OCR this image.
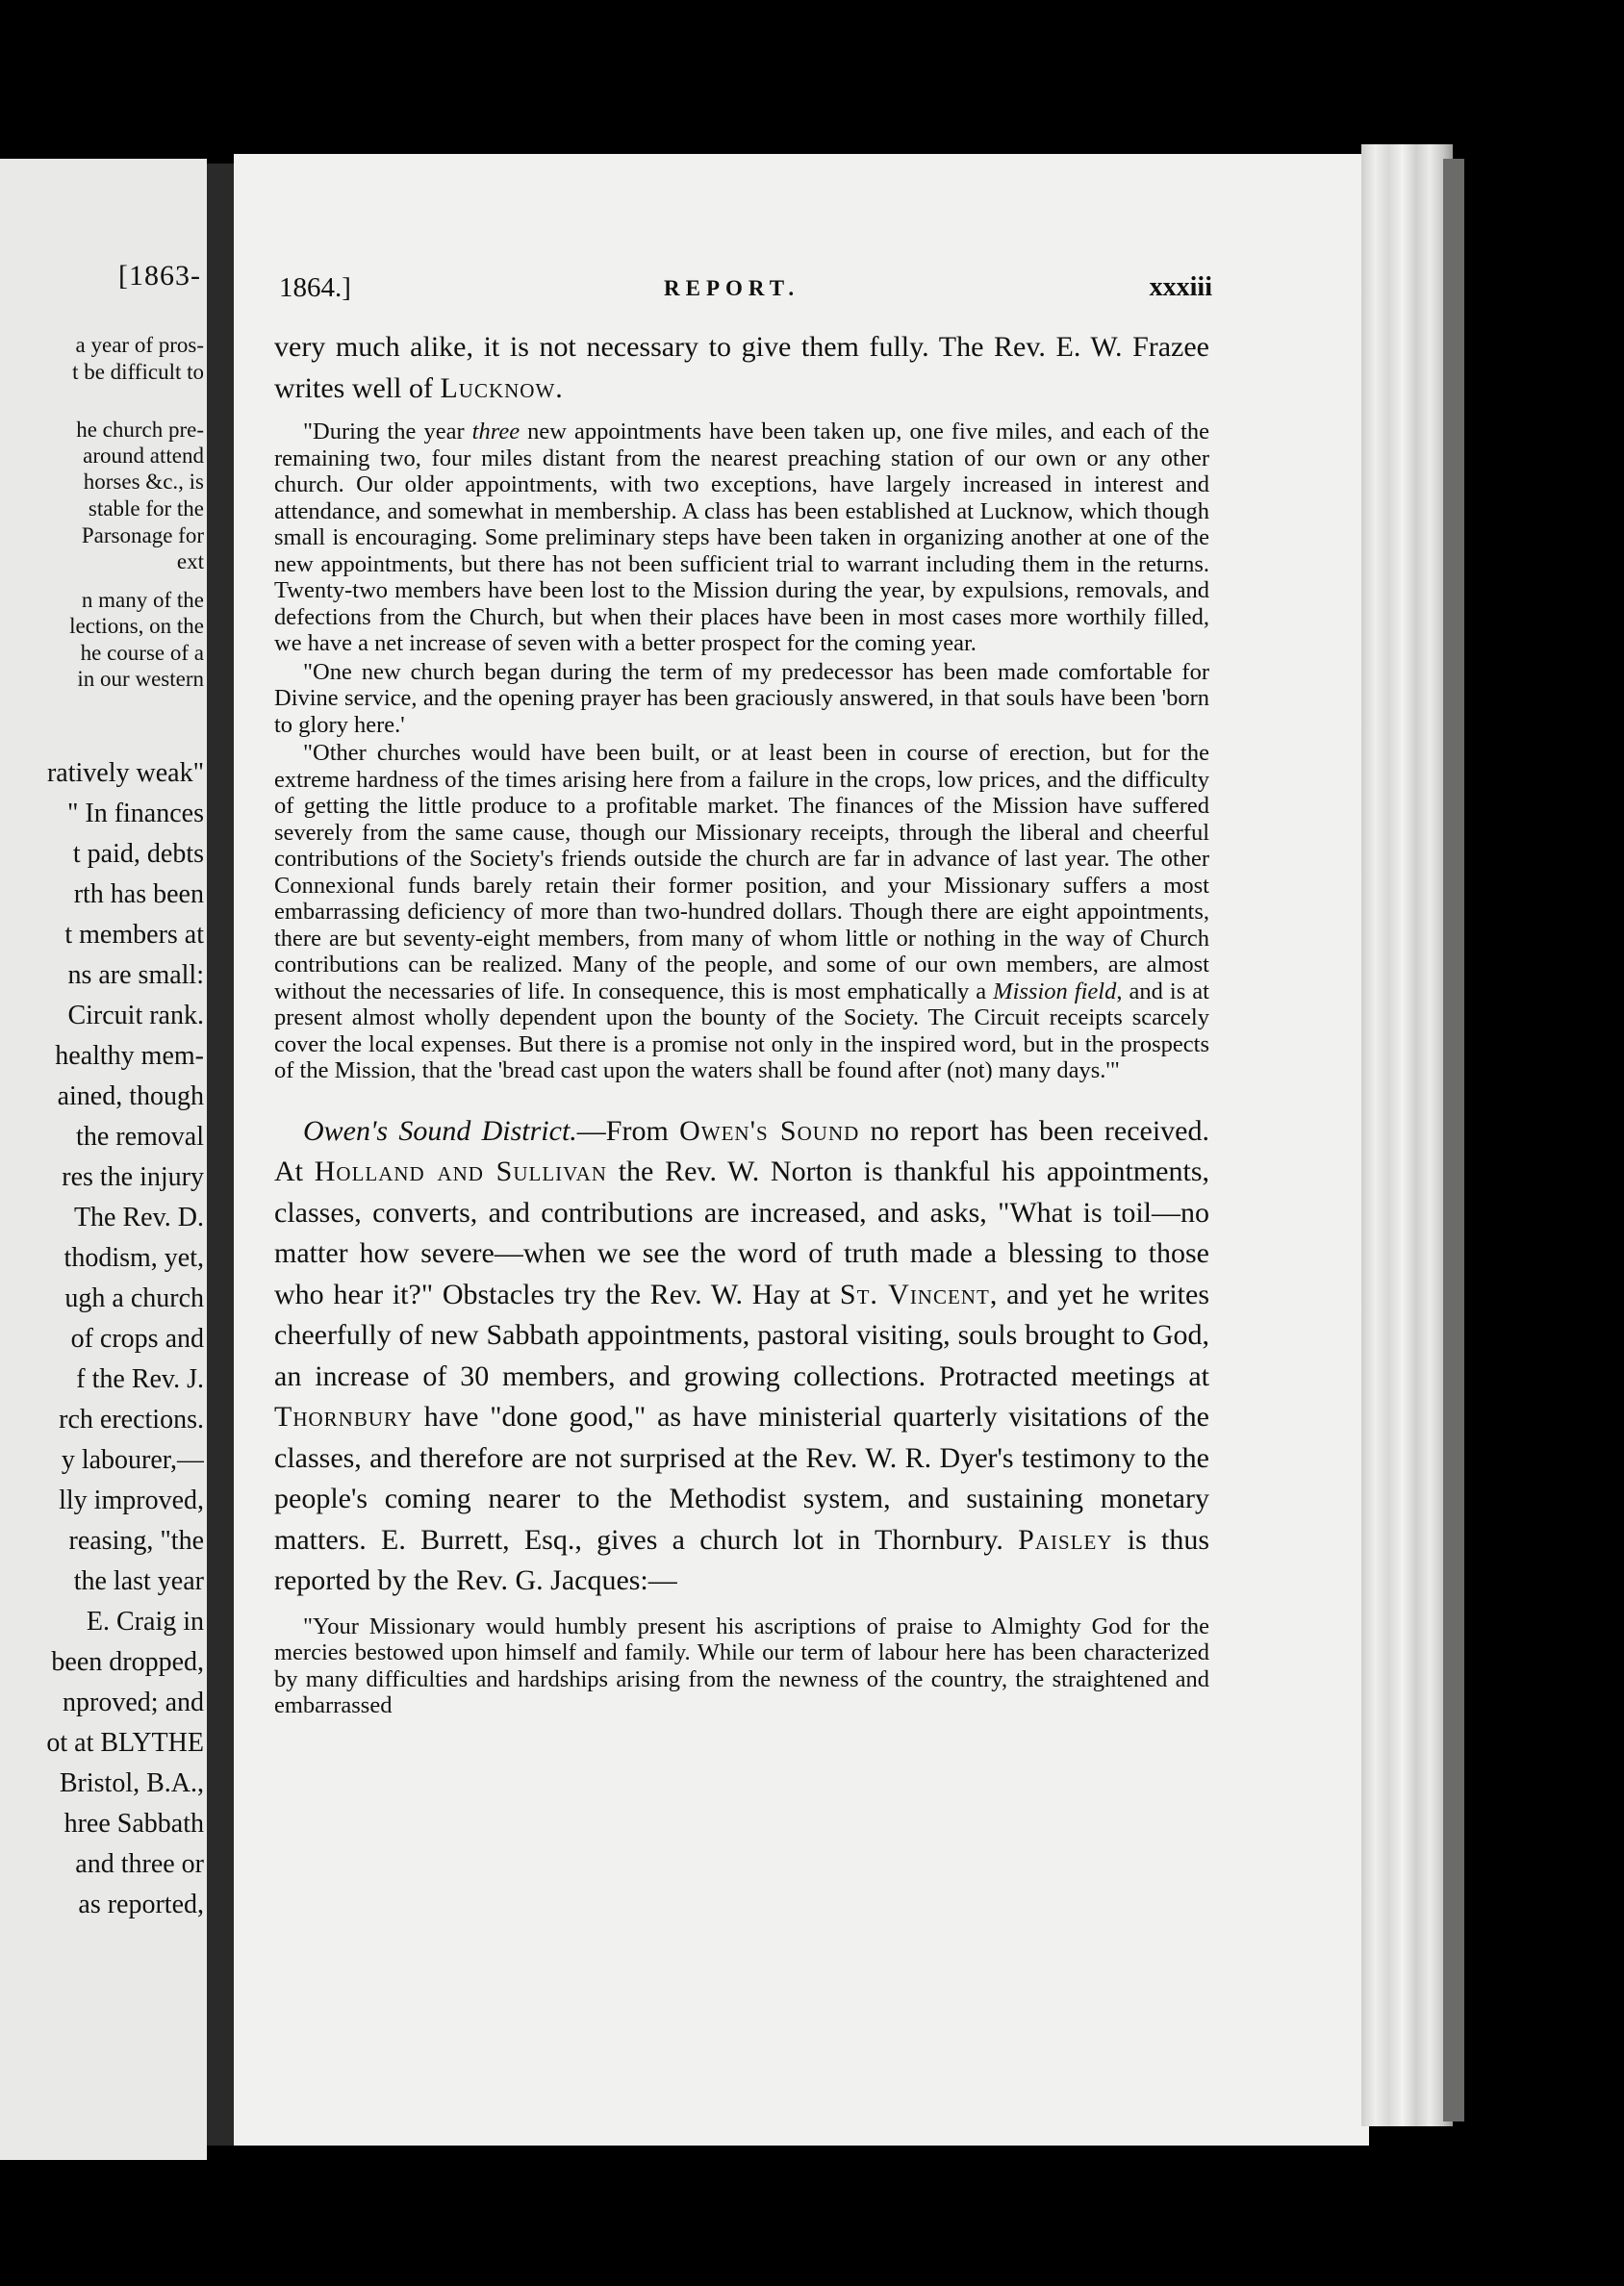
[1863-
a year of pros-
t be difficult to
he church pre-
around attend
horses &c., is
stable for the
Parsonage for
ext
n many of the
lections, on the
he course of a
in our western
ratively weak"
" In finances
t paid, debts
rth has been
t members at
ns are small:
Circuit rank.
healthy mem-
ained, though
the removal
res the injury
The Rev. D.
thodism, yet,
ugh a church
of crops and
f the Rev. J.
rch erections.
y labourer,—
lly improved,
reasing, "the
the last year
E. Craig in
been dropped,
nproved; and
ot at BLYTHE
Bristol, B.A.,
hree Sabbath
and three or
as reported,
1864.]	REPORT.	xxxiii

very much alike, it is not necessary to give them fully. The Rev. E. W. Frazee writes well of Lucknow.

"During the year three new appointments have been taken up, one five miles, and each of the remaining two, four miles distant from the nearest preaching station of our own or any other church. Our older appointments, with two exceptions, have largely increased in interest and attendance, and somewhat in membership. A class has been established at Lucknow, which though small is encouraging. Some preliminary steps have been taken in organizing another at one of the new appointments, but there has not been sufficient trial to warrant including them in the returns. Twenty-two members have been lost to the Mission during the year, by expulsions, removals, and defections from the Church, but when their places have been in most cases more worthily filled, we have a net increase of seven with a better prospect for the coming year.

"One new church began during the term of my predecessor has been made comfortable for Divine service, and the opening prayer has been graciously answered, in that souls have been 'born to glory here.'

"Other churches would have been built, or at least been in course of erection, but for the extreme hardness of the times arising here from a failure in the crops, low prices, and the difficulty of getting the little produce to a profitable market. The finances of the Mission have suffered severely from the same cause, though our Missionary receipts, through the liberal and cheerful contributions of the Society's friends outside the church are far in advance of last year. The other Connexional funds barely retain their former position, and your Missionary suffers a most embarrassing deficiency of more than two-hundred dollars. Though there are eight appointments, there are but seventy-eight members, from many of whom little or nothing in the way of Church contributions can be realized. Many of the people, and some of our own members, are almost without the necessaries of life. In consequence, this is most emphatically a Mission field, and is at present almost wholly dependent upon the bounty of the Society. The Circuit receipts scarcely cover the local expenses. But there is a promise not only in the inspired word, but in the prospects of the Mission, that the 'bread cast upon the waters shall be found after (not) many days.'"

Owen's Sound District.—From Owen's Sound no report has been received. At Holland and Sullivan the Rev. W. Norton is thankful his appointments, classes, converts, and contributions are increased, and asks, "What is toil—no matter how severe—when we see the word of truth made a blessing to those who hear it?" Obstacles try the Rev. W. Hay at St. Vincent, and yet he writes cheerfully of new Sabbath appointments, pastoral visiting, souls brought to God, an increase of 30 members, and growing collections. Protracted meetings at Thornbury have "done good," as have ministerial quarterly visitations of the classes, and therefore are not surprised at the Rev. W. R. Dyer's testimony to the people's coming nearer to the Methodist system, and sustaining monetary matters. E. Burrett, Esq., gives a church lot in Thornbury. Paisley is thus reported by the Rev. G. Jacques:—

"Your Missionary would humbly present his ascriptions of praise to Almighty God for the mercies bestowed upon himself and family. While our term of labour here has been characterized by many difficulties and hardships arising from the newness of the country, the straightened and embarrassed
